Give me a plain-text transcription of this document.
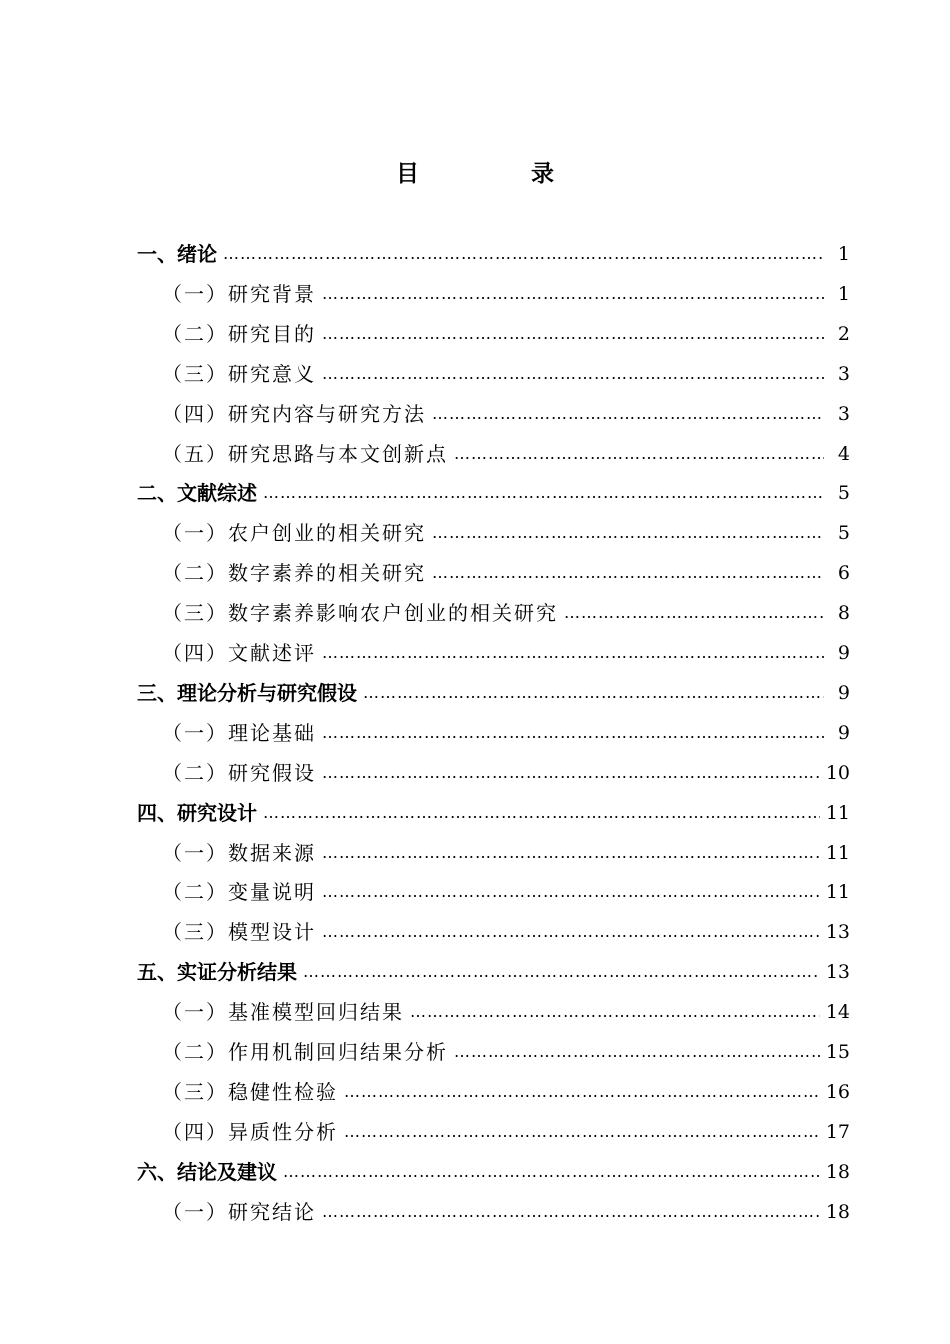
目 录
一、绪论 ……………………………………………………………………………………………………………………………………………………………	1
（一）研究背景 ……………………………………………………………………………………………………………………………………………………………	1
（二）研究目的 ……………………………………………………………………………………………………………………………………………………………	2
（三）研究意义 ……………………………………………………………………………………………………………………………………………………………	3
（四）研究内容与研究方法 ……………………………………………………………………………………………………………………………………………………………	3
（五）研究思路与本文创新点 ……………………………………………………………………………………………………………………………………………………………	4
二、文献综述 ……………………………………………………………………………………………………………………………………………………………	5
（一）农户创业的相关研究 ……………………………………………………………………………………………………………………………………………………………	5
（二）数字素养的相关研究 ……………………………………………………………………………………………………………………………………………………………	6
（三）数字素养影响农户创业的相关研究 ……………………………………………………………………………………………………………………………………………………………	8
（四）文献述评 ……………………………………………………………………………………………………………………………………………………………	9
三、理论分析与研究假设 ……………………………………………………………………………………………………………………………………………………………	9
（一）理论基础 ……………………………………………………………………………………………………………………………………………………………	9
（二）研究假设 ……………………………………………………………………………………………………………………………………………………………	10
四、研究设计 ……………………………………………………………………………………………………………………………………………………………	11
（一）数据来源 ……………………………………………………………………………………………………………………………………………………………	11
（二）变量说明 ……………………………………………………………………………………………………………………………………………………………	11
（三）模型设计 ……………………………………………………………………………………………………………………………………………………………	13
五、实证分析结果 ……………………………………………………………………………………………………………………………………………………………	13
（一）基准模型回归结果 ……………………………………………………………………………………………………………………………………………………………	14
（二）作用机制回归结果分析 ……………………………………………………………………………………………………………………………………………………………	15
（三）稳健性检验 ……………………………………………………………………………………………………………………………………………………………	16
（四）异质性分析 ……………………………………………………………………………………………………………………………………………………………	17
六、结论及建议 ……………………………………………………………………………………………………………………………………………………………	18
（一）研究结论 ……………………………………………………………………………………………………………………………………………………………	18
